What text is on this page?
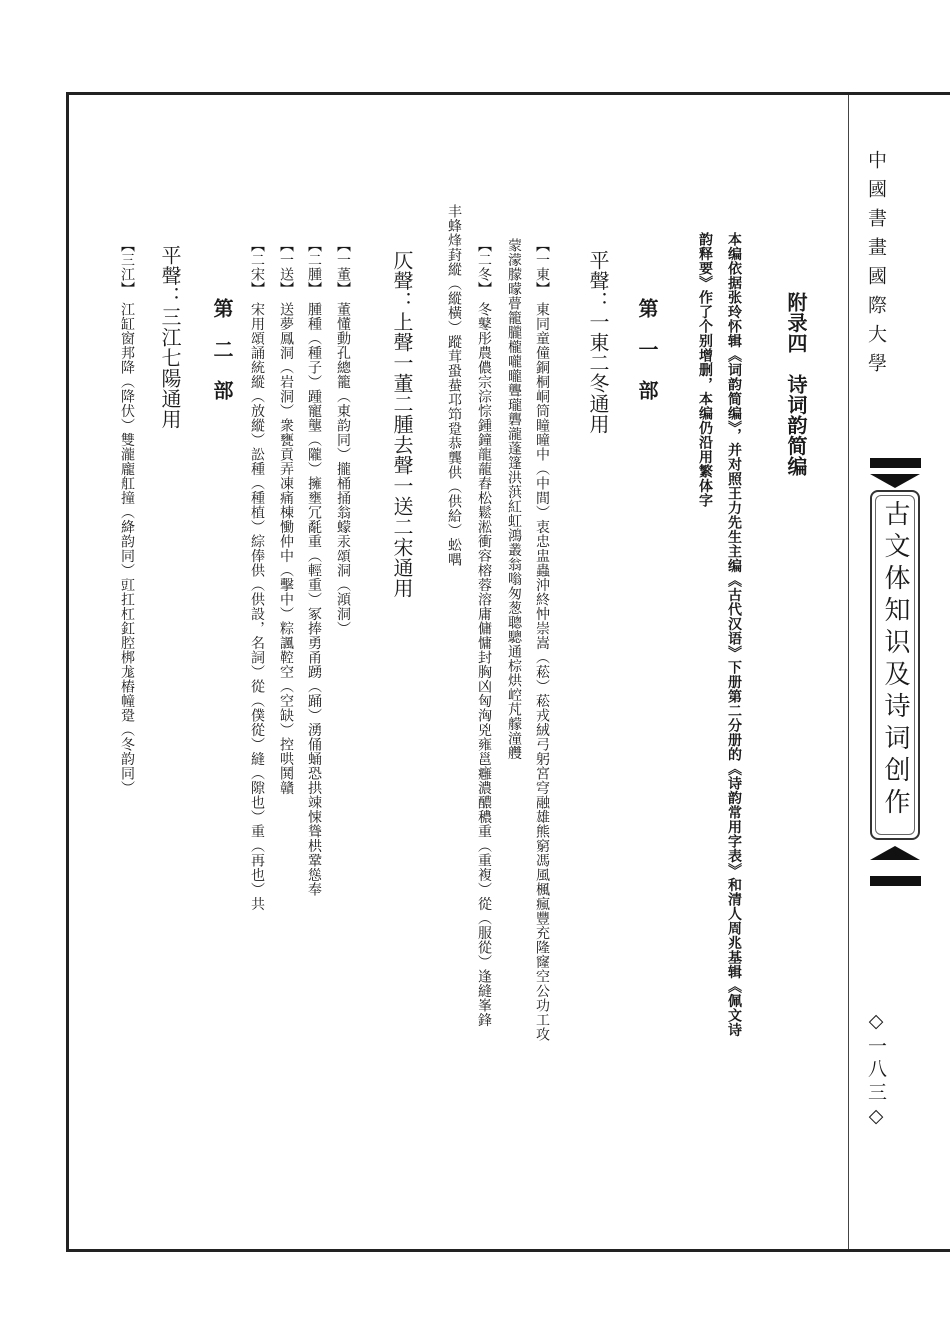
中國書畫國際大學
古文体知识及诗词创作
◇一八三◇
附录四　诗词韵简编
本编依据张玲怀辑《词韵简编》，并对照王力先生主编《古代汉语》下册第二分册的《诗韵常用字表》和清人周兆基辑《佩文诗
韵释要》作了个别增删，本编仍沿用繁体字
第　一　部
平聲：一東二冬通用
【一東】東同童僮銅桐峒筒瞳曈中（中間）衷忠盅蟲沖終忡崇嵩（菘）菘戎絨弓躬宮穹融雄熊窮馮風楓瘋豐充隆窿空公功工攻
蒙濛朦曚瞢籠朧櫳嚨曨聾瓏礱瀧蓬篷洪葓紅虹鴻叢翁嗡匆葱聰驄通棕烘崆芃艨潼艭
【二冬】冬鼕彤農儂宗淙悰鍾鐘龍蘢舂松鬆淞衝容榕蓉溶庸傭慵封胸凶匈洶兇雍邕癰濃醲穠重（重複）從（服從）逢縫峯鋒
丰蜂烽葑縱（縱橫）蹤茸蛩蛬邛笻跫恭龔供（供給）蚣喁
仄聲：上聲一董二腫去聲一送二宋通用
【一董】董懂動孔總籠（東韵同）攏桶捅翁蠓汞頌洞（澒洞）
【二腫】腫種（種子）踵寵壟（隴）擁壅冗氄重（輕重）冢捧勇甬踴（踊）湧俑蛹恐拱竦悚聳栱鞏慫奉
【一送】送夢鳳洞（岩洞）衆甕貢弄凍痛棟慟仲中（擊中）粽諷鞚空（空缺）控哄鬨贛
【二宋】宋用頌誦統縱（放縱）訟種（種植）綜俸供（供設，名詞）從（僕從）縫（隙也）重（再也）共
第　二　部
平聲：三江七陽通用
【三江】江缸窗邦降（降伏）雙瀧龐舡撞（絳韵同）豇扛杠釭腔梆尨樁幢跫（冬韵同）
